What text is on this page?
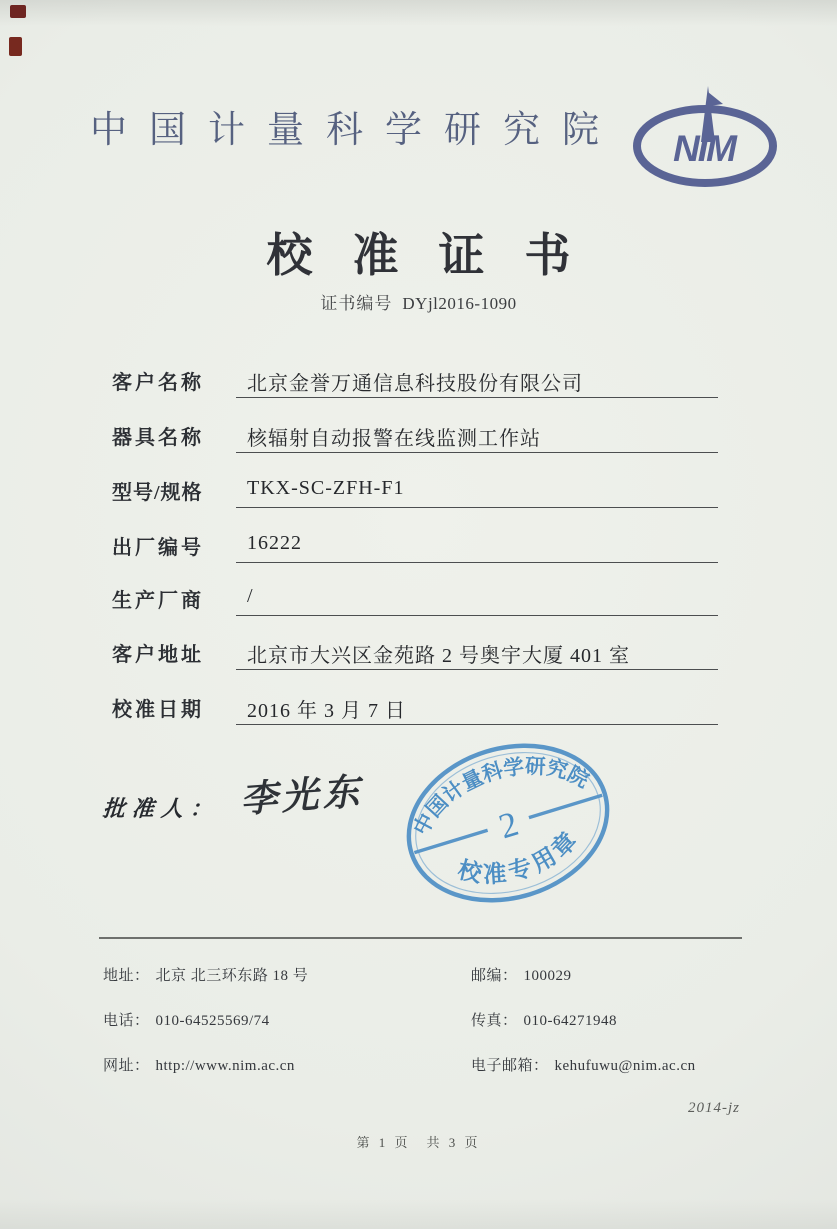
中国计量科学研究院 NIM
校准证书
证书编号 DYjl2016-1090
客户名称 北京金誉万通信息科技股份有限公司
器具名称 核辐射自动报警在线监测工作站
型号/规格 TKX-SC-ZFH-F1
出厂编号 16222
生产厂商 /
客户地址 北京市大兴区金苑路 2 号奥宇大厦 401 室
校准日期 2016 年 3 月 7 日
批准人： 李光东
中国计量科学研究院
校准专用章
2
地址： 北京 北三环东路 18 号	邮编： 100029
电话： 010-64525569/74	传真： 010-64271948
网址： http://www.nim.ac.cn	电子邮箱： kehufuwu@nim.ac.cn
2014-jz
第 1 页　共 3 页
